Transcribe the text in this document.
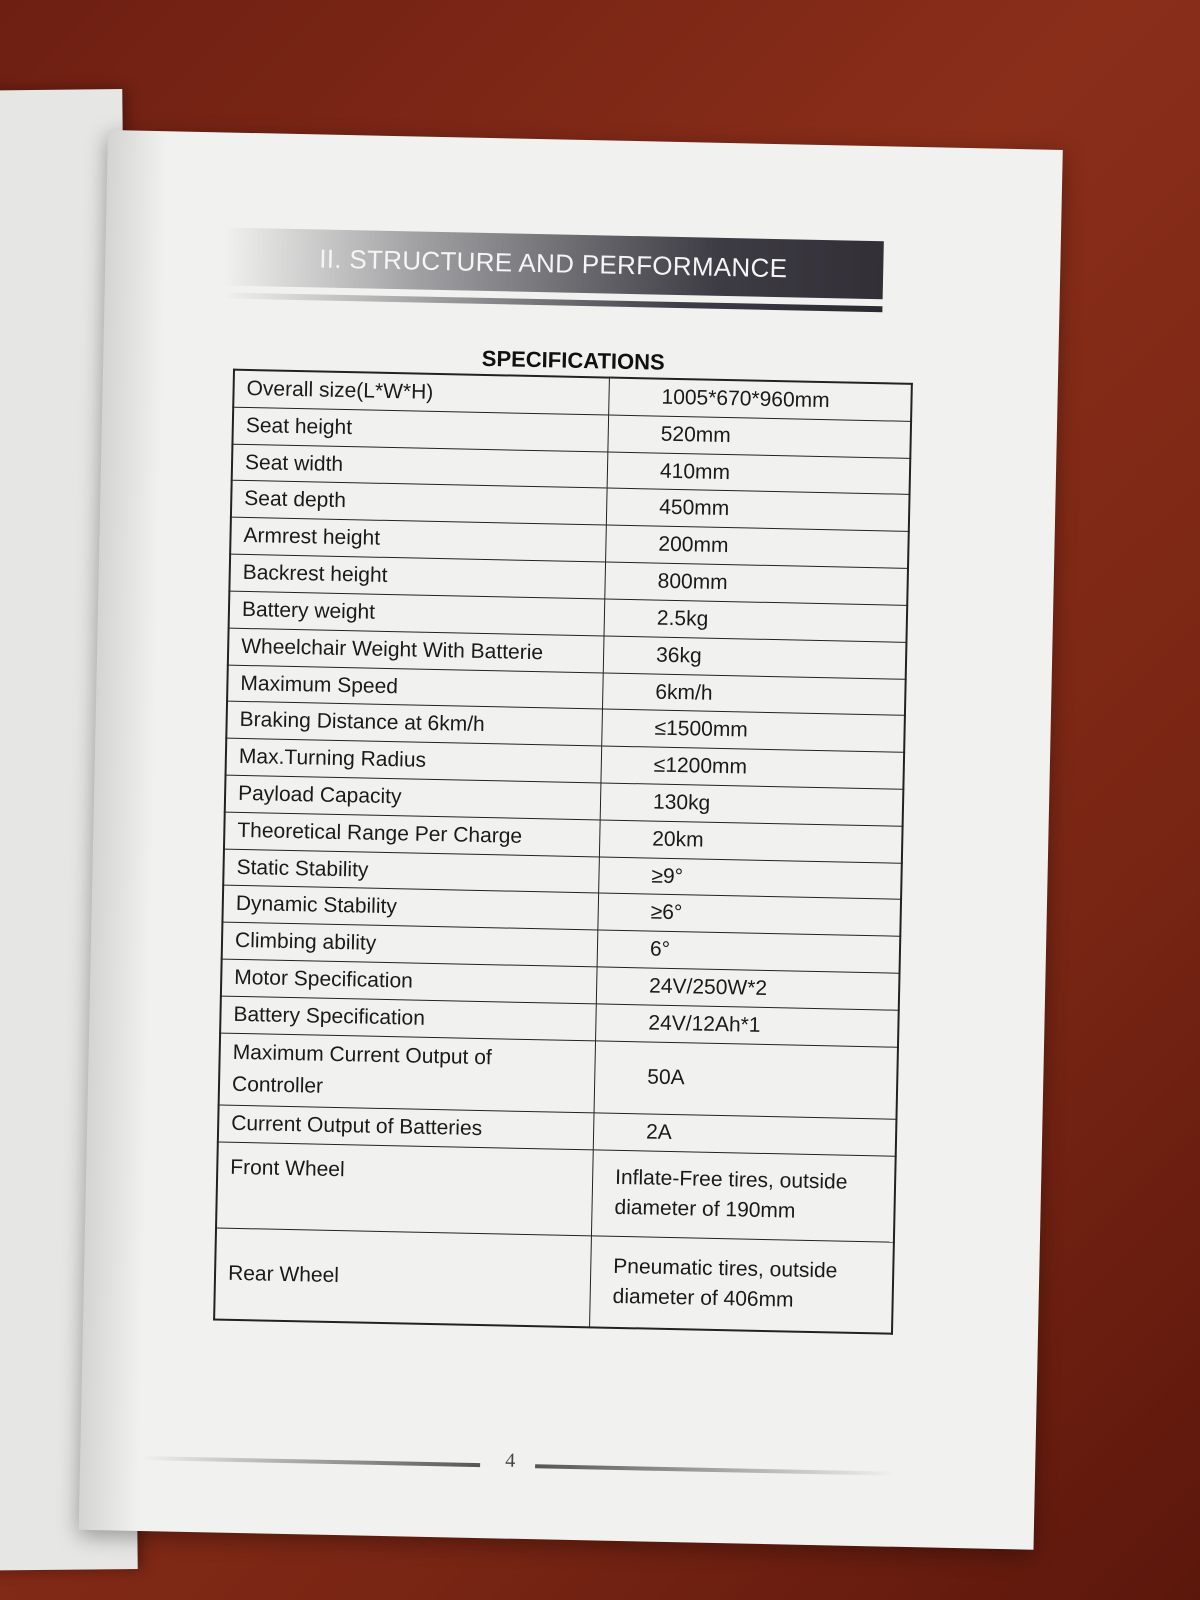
II. STRUCTURE AND PERFORMANCE
SPECIFICATIONS
Overall size(L*W*H)	1005*670*960mm
Seat height	520mm
Seat width	410mm
Seat depth	450mm
Armrest height	200mm
Backrest height	800mm
Battery weight	2.5kg
Wheelchair Weight With Batterie	36kg
Maximum Speed	6km/h
Braking Distance at 6km/h	≤1500mm
Max.Turning Radius	≤1200mm
Payload Capacity	130kg
Theoretical Range Per Charge	20km
Static Stability	≥9°
Dynamic Stability	≥6°
Climbing ability	6°
Motor Specification	24V/250W*2
Battery Specification	24V/12Ah*1
Maximum Current Output of Controller	50A
Current Output of Batteries	2A
Front Wheel	Inflate-Free tires, outside diameter of 190mm
Rear Wheel	Pneumatic tires, outside diameter of 406mm
4
